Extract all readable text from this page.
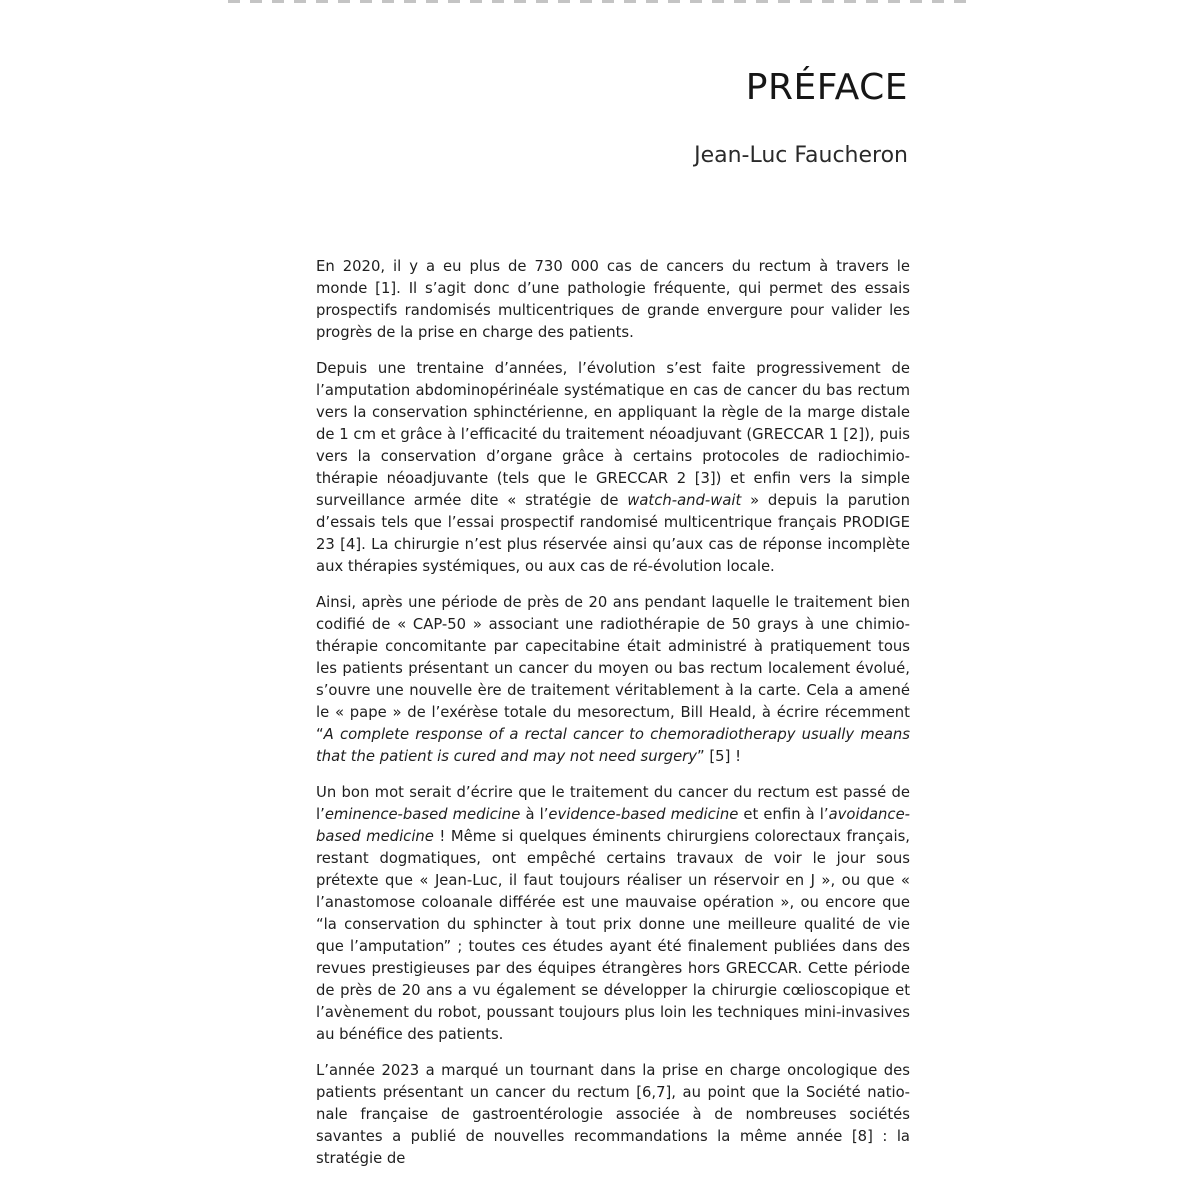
PRÉFACE
Jean-Luc Faucheron

En 2020, il y a eu plus de 730 000 cas de cancers du rectum à travers le monde [1]. Il s’agit donc d’une pathologie fréquente, qui permet des essais prospectifs randomisés multicentriques de grande envergure pour valider les progrès de la prise en charge des patients.

Depuis une trentaine d’années, l’évolution s’est faite progressivement de l’amputation abdominopérinéale systématique en cas de cancer du bas rectum vers la conservation sphinctérienne, en appliquant la règle de la marge distale de 1 cm et grâce à l’efficacité du traitement néoadjuvant (GRECCAR 1 [2]), puis vers la conservation d’organe grâce à certains protocoles de radiochimiothérapie néoadjuvante (tels que le GRECCAR 2 [3]) et enfin vers la simple surveillance armée dite « stratégie de watch-and-wait » depuis la parution d’essais tels que l’essai prospectif randomisé multicentrique français PRODIGE 23 [4]. La chirurgie n’est plus réservée ainsi qu’aux cas de réponse incomplète aux thérapies systémiques, ou aux cas de ré-évolution locale.

Ainsi, après une période de près de 20 ans pendant laquelle le traitement bien codifié de « CAP-50 » associant une radiothérapie de 50 grays à une chimiothérapie concomitante par capecitabine était administré à pratiquement tous les patients présentant un cancer du moyen ou bas rectum localement évolué, s’ouvre une nouvelle ère de traitement véritablement à la carte. Cela a amené le « pape » de l’exérèse totale du mesorectum, Bill Heald, à écrire récemment “A complete response of a rectal cancer to chemoradiotherapy usually means that the patient is cured and may not need surgery” [5] !

Un bon mot serait d’écrire que le traitement du cancer du rectum est passé de l’eminence-based medicine à l’evidence-based medicine et enfin à l’avoidance-based medicine ! Même si quelques éminents chirurgiens colorectaux français, restant dogmatiques, ont empêché certains travaux de voir le jour sous prétexte que « Jean-Luc, il faut toujours réaliser un réservoir en J », ou que « l’anastomose coloanale différée est une mauvaise opération », ou encore que “la conservation du sphincter à tout prix donne une meilleure qualité de vie que l’amputation” ; toutes ces études ayant été finalement publiées dans des revues prestigieuses par des équipes étrangères hors GRECCAR. Cette période de près de 20 ans a vu également se développer la chirurgie cœlioscopique et l’avènement du robot, poussant toujours plus loin les techniques mini-invasives au bénéfice des patients.

L’année 2023 a marqué un tournant dans la prise en charge oncologique des patients présentant un cancer du rectum [6,7], au point que la Société nationale française de gastroentérologie associée à de nombreuses sociétés savantes a publié de nouvelles recommandations la même année [8] : la stratégie de
